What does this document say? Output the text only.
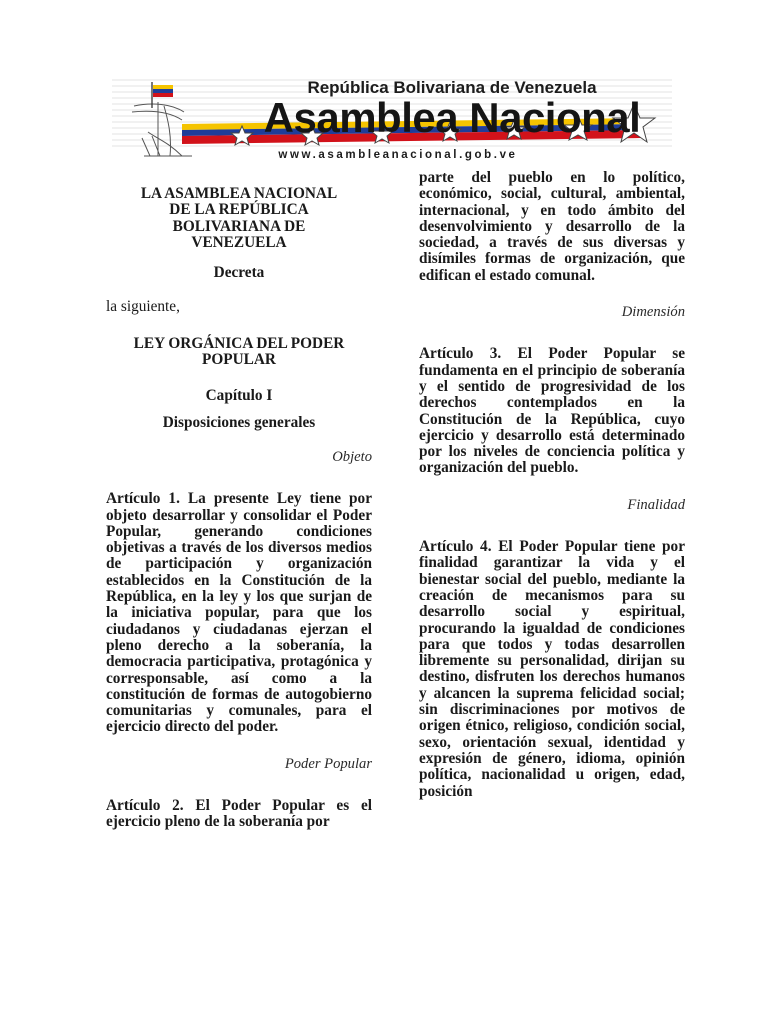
República Bolivariana de Venezuela
Asamblea Nacional
www.asambleanacional.gob.ve

LA ASAMBLEA NACIONAL

DE LA REPÚBLICA

BOLIVARIANA DE

VENEZUELA

Decreta

la siguiente,

LEY ORGÁNICA DEL PODER POPULAR

Capítulo I

Disposiciones generales

Objeto

Artículo 1. La presente Ley tiene por objeto desarrollar y consolidar el Poder Popular, generando condiciones objetivas a través de los diversos medios de participación y organización establecidos en la Constitución de la República, en la ley y los que surjan de la iniciativa popular, para que los ciudadanos y ciudadanas ejerzan el pleno derecho a la soberanía, la democracia participativa, protagónica y corresponsable, así como a la constitución de formas de autogobierno comunitarias y comunales, para el ejercicio directo del poder.

Poder Popular

Artículo 2. El Poder Popular es el ejercicio pleno de la soberanía por

parte del pueblo en lo político, económico, social, cultural, ambiental, internacional, y en todo ámbito del desenvolvimiento y desarrollo de la sociedad, a través de sus diversas y disímiles formas de organización, que edifican el estado comunal.

Dimensión

Artículo 3. El Poder Popular se fundamenta en el principio de soberanía y el sentido de progresividad de los derechos contemplados en la Constitución de la República, cuyo ejercicio y desarrollo está determinado por los niveles de conciencia política y organización del pueblo.

Finalidad

Artículo 4. El Poder Popular tiene por finalidad garantizar la vida y el bienestar social del pueblo, mediante la creación de mecanismos para su desarrollo social y espiritual, procurando la igualdad de condiciones para que todos y todas desarrollen libremente su personalidad, dirijan su destino, disfruten los derechos humanos y alcancen la suprema felicidad social; sin discriminaciones por motivos de origen étnico, religioso, condición social, sexo, orientación sexual, identidad y expresión de género, idioma, opinión política, nacionalidad u origen, edad, posición
